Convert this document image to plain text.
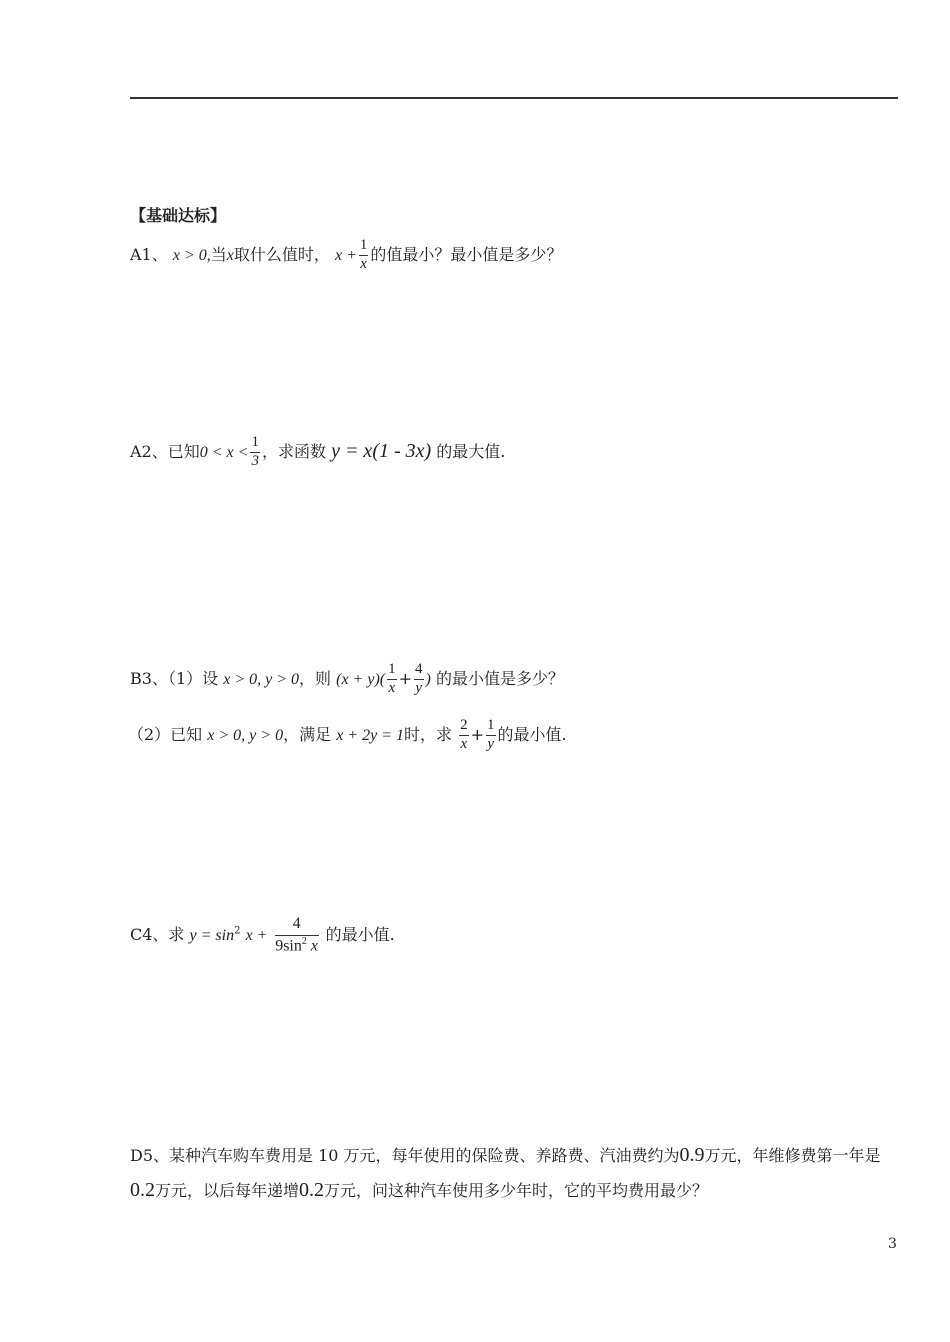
【基础达标】
A1、 x > 0,当x取什么值时， $x + \frac{1}{x}$ 的值最小？最小值是多少？
A2、已知$0 < x < \frac{1}{3}$ ，求函数 y = x(1 - 3x) 的最大值.
B3、（1）设 x > 0, y > 0，则 $(x + y)( \frac{1}{x} + \frac{4}{y}$ ) 的最小值是多少？
（2）已知 x > 0, y > 0，满足 x + 2y = 1时，求 $\frac{2}{x} + \frac{1}{y}$ 的最小值.
C4、求 $y = \sin^2 x + \frac{4}{9\sin^2 x}$ 的最小值.
D5、某种汽车购车费用是 10 万元，每年使用的保险费、养路费、汽油费约为0.9万元，年维修费第一年是0.2万元，以后每年递增0.2万元，问这种汽车使用多少年时，它的平均费用最少？
3
